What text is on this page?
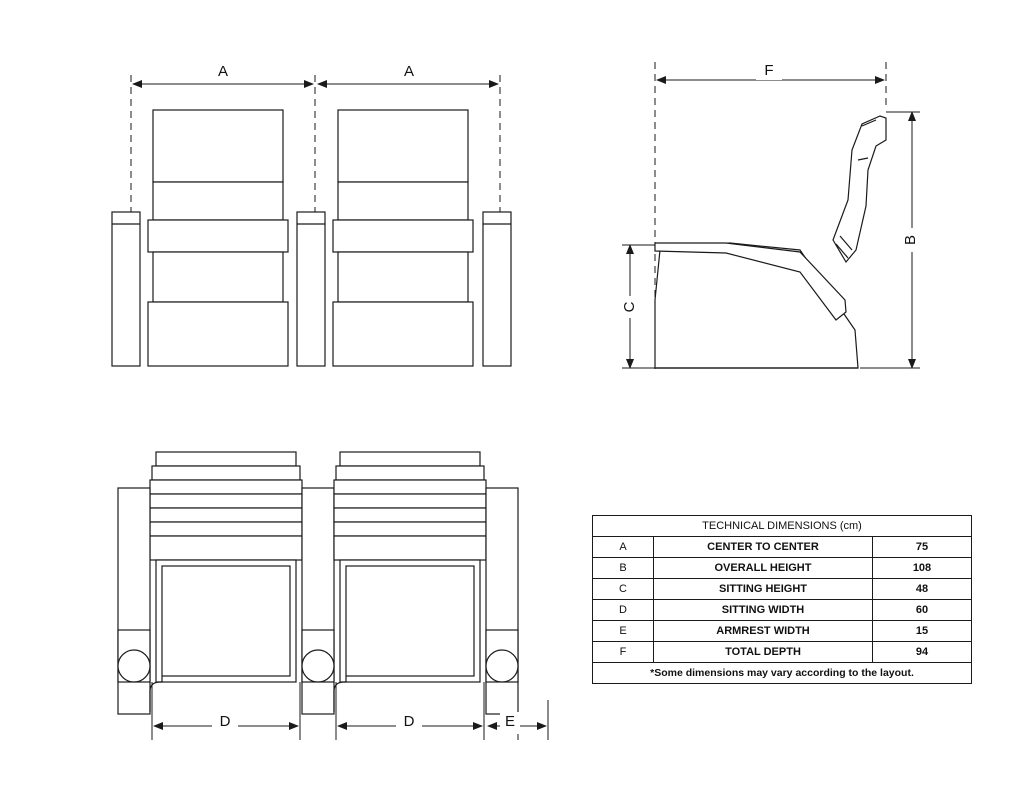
A	A	F
B
C
D	D	E
TECHNICAL DIMENSIONS (cm)		
A	CENTER TO CENTER	75
B	OVERALL HEIGHT	108
C	SITTING HEIGHT	48
D	SITTING WIDTH	60
E	ARMREST WIDTH	15
F	TOTAL DEPTH	94
*Some dimensions may vary according to the layout.		
